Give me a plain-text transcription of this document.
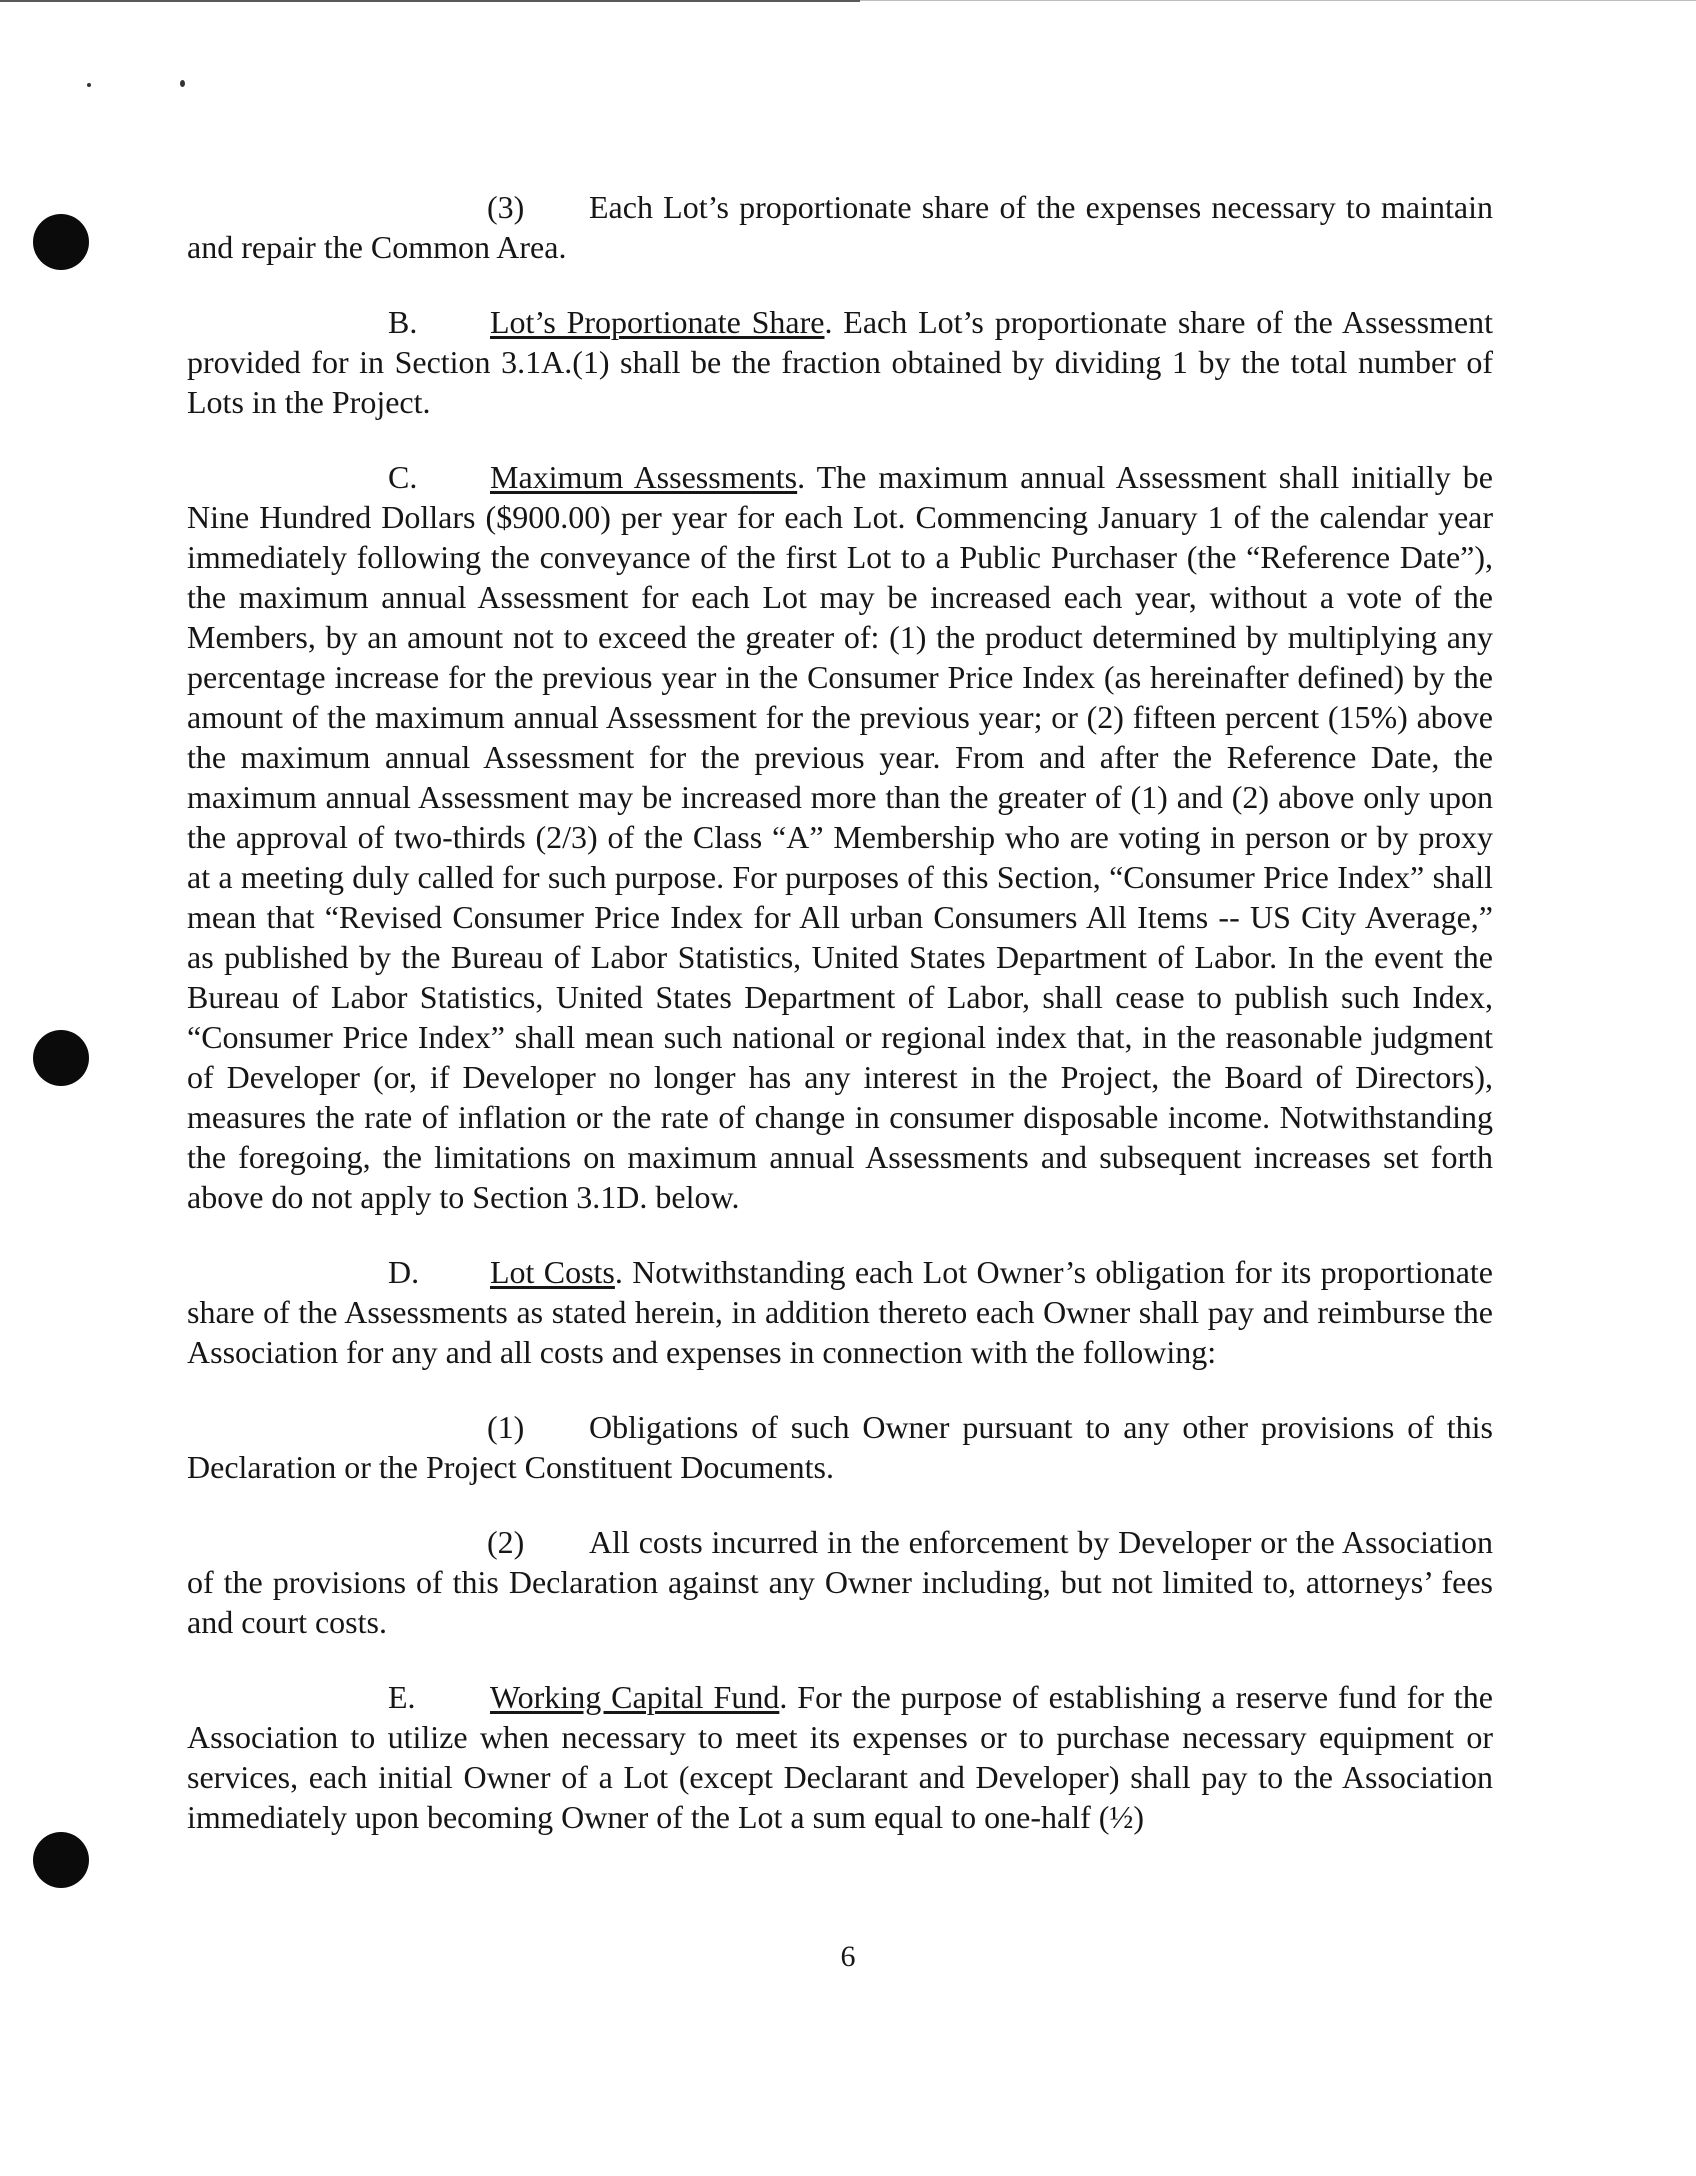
(3) Each Lot’s proportionate share of the expenses necessary to maintain and repair the Common Area.

B. Lot’s Proportionate Share. Each Lot’s proportionate share of the Assessment provided for in Section 3.1A.(1) shall be the fraction obtained by dividing 1 by the total number of Lots in the Project.

C. Maximum Assessments. The maximum annual Assessment shall initially be Nine Hundred Dollars ($900.00) per year for each Lot. Commencing January 1 of the calendar year immediately following the conveyance of the first Lot to a Public Purchaser (the “Reference Date”), the maximum annual Assessment for each Lot may be increased each year, without a vote of the Members, by an amount not to exceed the greater of: (1) the product determined by multiplying any percentage increase for the previous year in the Consumer Price Index (as hereinafter defined) by the amount of the maximum annual Assessment for the previous year; or (2) fifteen percent (15%) above the maximum annual Assessment for the previous year. From and after the Reference Date, the maximum annual Assessment may be increased more than the greater of (1) and (2) above only upon the approval of two-thirds (2/3) of the Class “A” Membership who are voting in person or by proxy at a meeting duly called for such purpose. For purposes of this Section, “Consumer Price Index” shall mean that “Revised Consumer Price Index for All urban Consumers All Items -- US City Average,” as published by the Bureau of Labor Statistics, United States Department of Labor. In the event the Bureau of Labor Statistics, United States Department of Labor, shall cease to publish such Index, “Consumer Price Index” shall mean such national or regional index that, in the reasonable judgment of Developer (or, if Developer no longer has any interest in the Project, the Board of Directors), measures the rate of inflation or the rate of change in consumer disposable income. Notwithstanding the foregoing, the limitations on maximum annual Assessments and subsequent increases set forth above do not apply to Section 3.1D. below.

D. Lot Costs. Notwithstanding each Lot Owner’s obligation for its proportionate share of the Assessments as stated herein, in addition thereto each Owner shall pay and reimburse the Association for any and all costs and expenses in connection with the following:

(1) Obligations of such Owner pursuant to any other provisions of this Declaration or the Project Constituent Documents.

(2) All costs incurred in the enforcement by Developer or the Association of the provisions of this Declaration against any Owner including, but not limited to, attorneys’ fees and court costs.

E. Working Capital Fund. For the purpose of establishing a reserve fund for the Association to utilize when necessary to meet its expenses or to purchase necessary equipment or services, each initial Owner of a Lot (except Declarant and Developer) shall pay to the Association immediately upon becoming Owner of the Lot a sum equal to one-half (½)

6
